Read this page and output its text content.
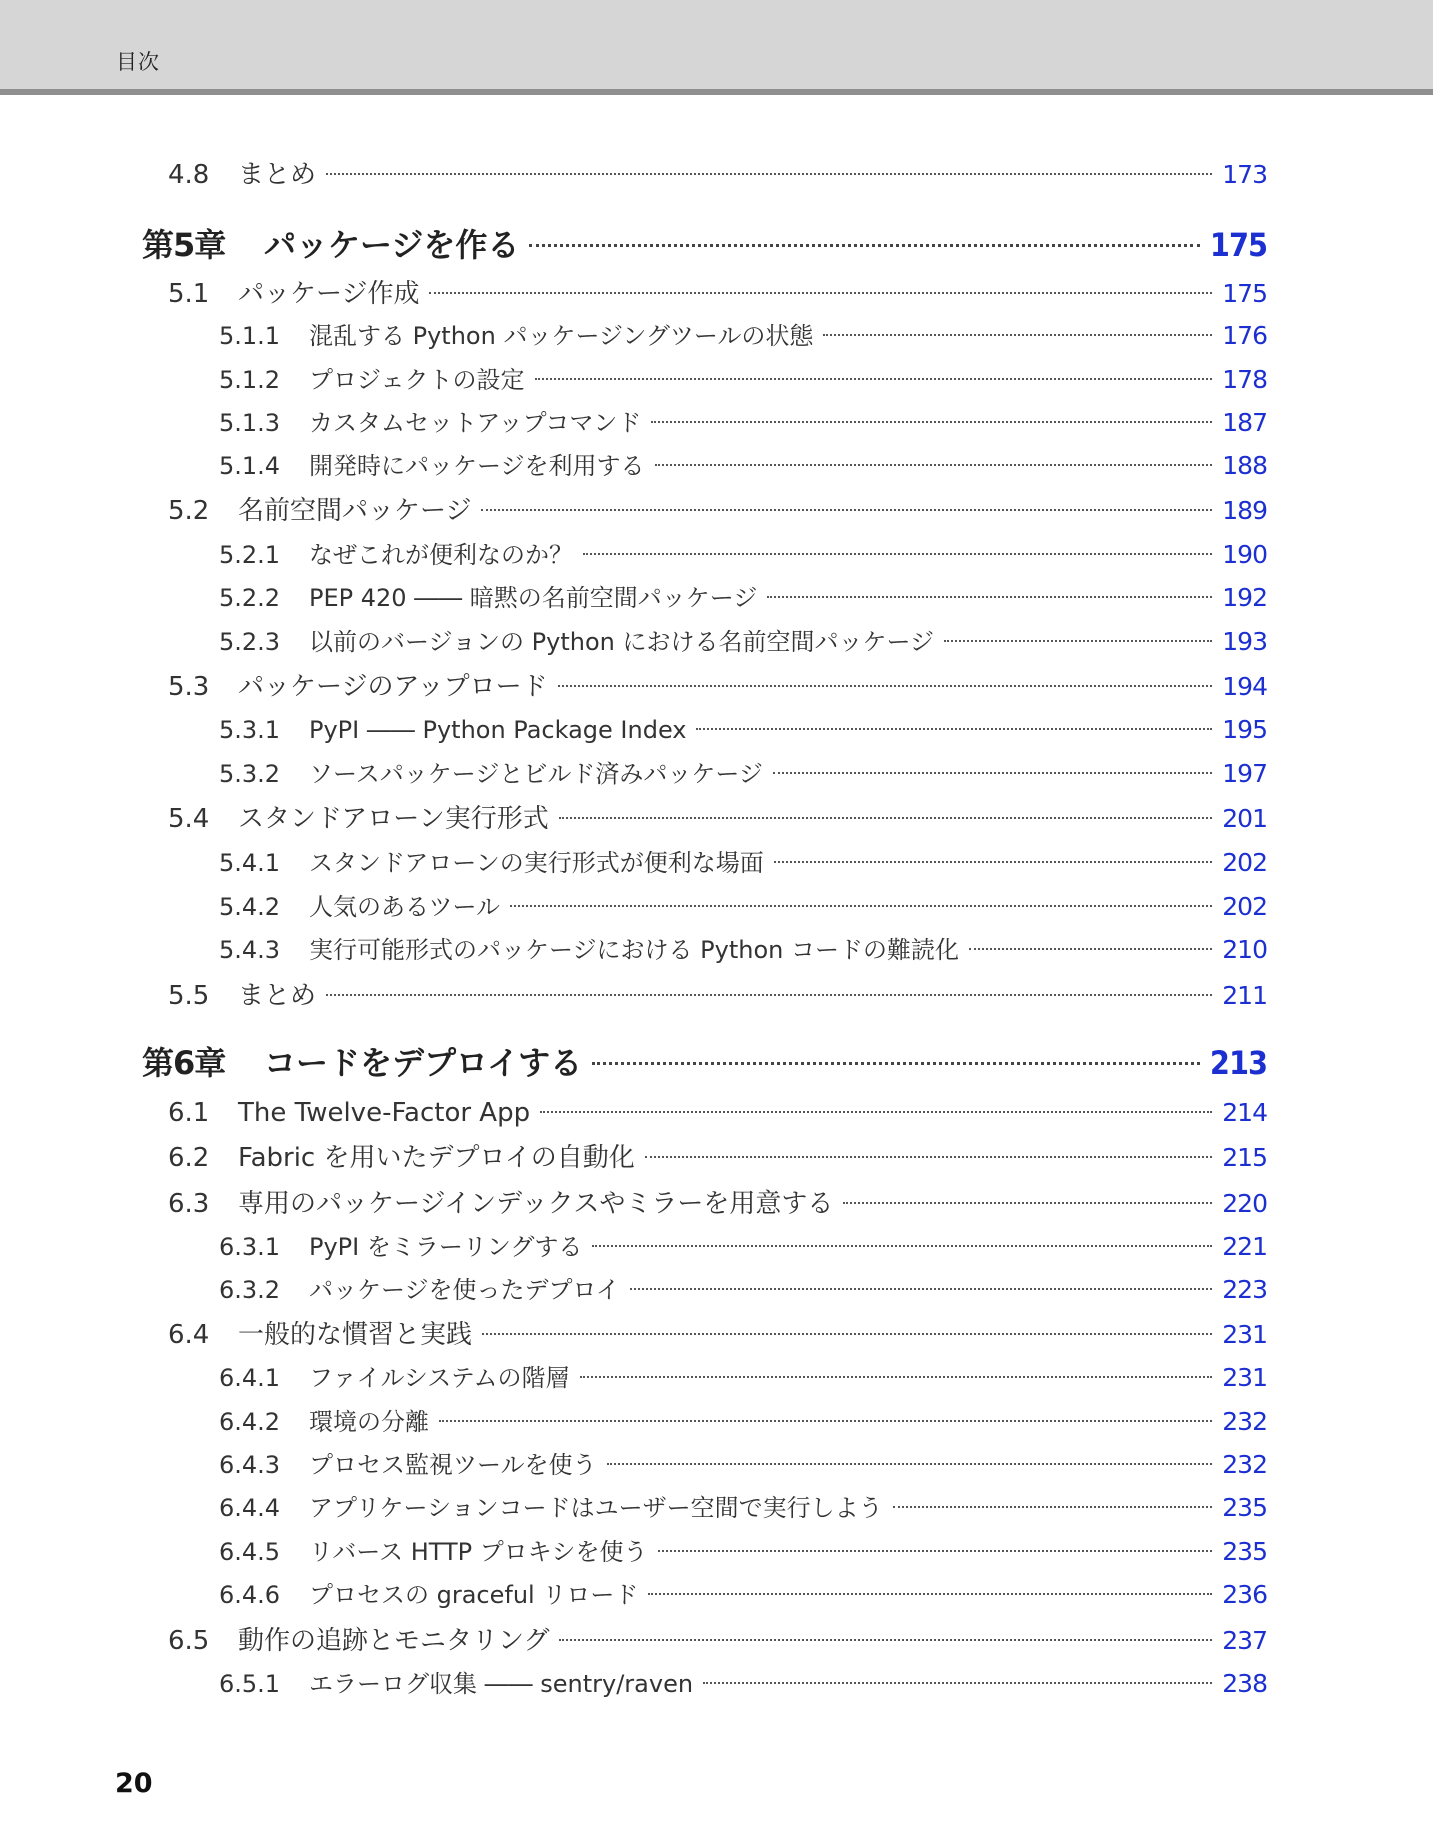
目次
4.8	まとめ	173
第5章	パッケージを作る	175
5.1	パッケージ作成	175
5.1.1	混乱する Python パッケージングツールの状態	176
5.1.2	プロジェクトの設定	178
5.1.3	カスタムセットアップコマンド	187
5.1.4	開発時にパッケージを利用する	188
5.2	名前空間パッケージ	189
5.2.1	なぜこれが便利なのか？	190
5.2.2	PEP 420 ―― 暗黙の名前空間パッケージ	192
5.2.3	以前のバージョンの Python における名前空間パッケージ	193
5.3	パッケージのアップロード	194
5.3.1	PyPI ―― Python Package Index	195
5.3.2	ソースパッケージとビルド済みパッケージ	197
5.4	スタンドアローン実行形式	201
5.4.1	スタンドアローンの実行形式が便利な場面	202
5.4.2	人気のあるツール	202
5.4.3	実行可能形式のパッケージにおける Python コードの難読化	210
5.5	まとめ	211
第6章	コードをデプロイする	213
6.1	The Twelve-Factor App	214
6.2	Fabric を用いたデプロイの自動化	215
6.3	専用のパッケージインデックスやミラーを用意する	220
6.3.1	PyPI をミラーリングする	221
6.3.2	パッケージを使ったデプロイ	223
6.4	一般的な慣習と実践	231
6.4.1	ファイルシステムの階層	231
6.4.2	環境の分離	232
6.4.3	プロセス監視ツールを使う	232
6.4.4	アプリケーションコードはユーザー空間で実行しよう	235
6.4.5	リバース HTTP プロキシを使う	235
6.4.6	プロセスの graceful リロード	236
6.5	動作の追跡とモニタリング	237
6.5.1	エラーログ収集 ―― sentry/raven	238
20
